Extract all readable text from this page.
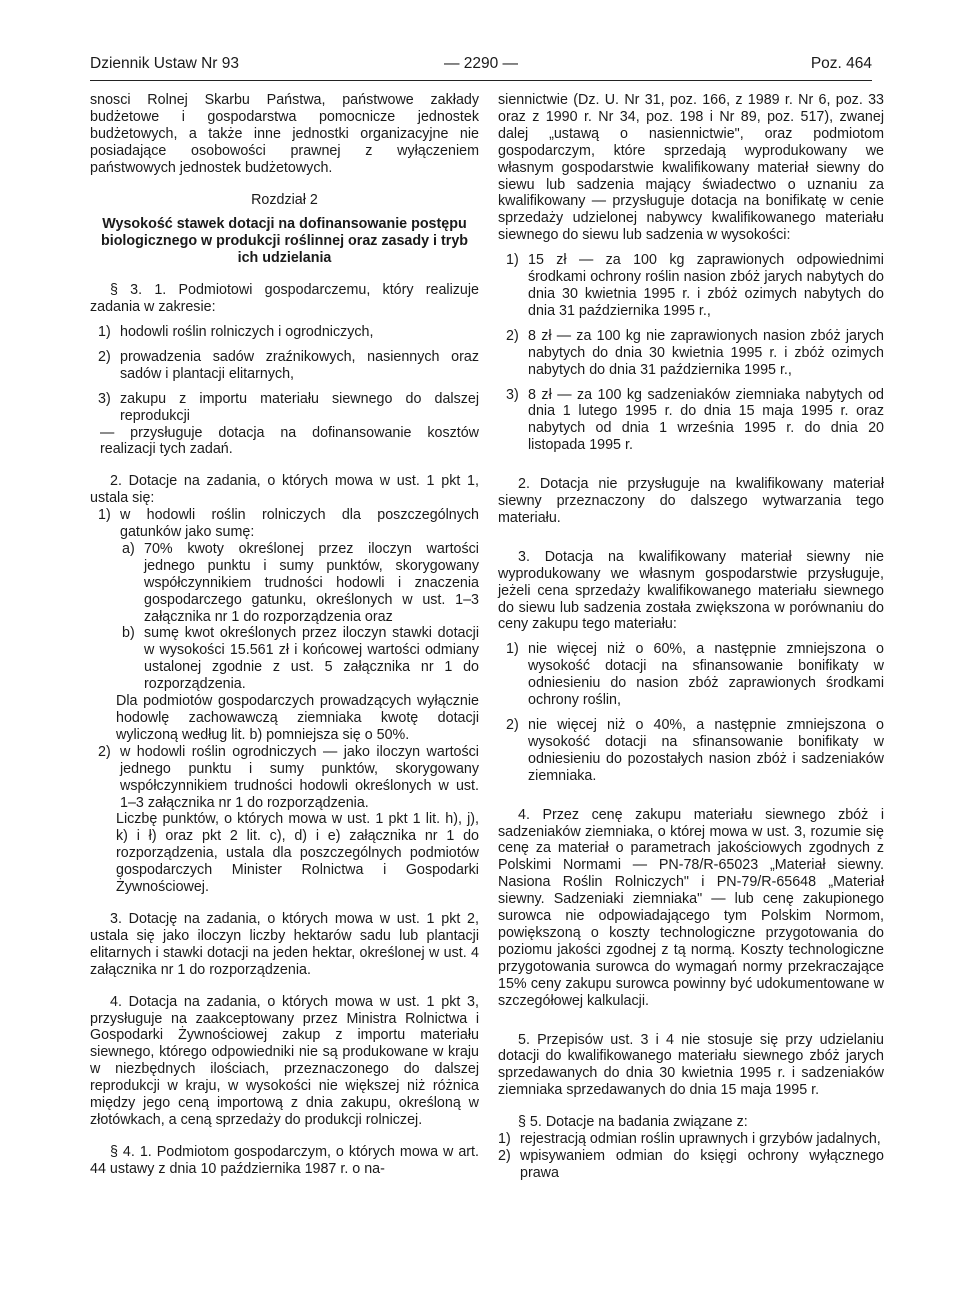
Dziennik Ustaw Nr 93	— 2290 —	Poz. 464

snosci Rolnej Skarbu Państwa, państwowe zakłady budżetowe i gospodarstwa pomocnicze jednostek budżetowych, a także inne jednostki organizacyjne nie posiadające osobowości prawnej z wyłączeniem państwowych jednostek budżetowych.

Rozdział 2

Wysokość stawek dotacji na dofinansowanie postępu biologicznego w produkcji roślinnej oraz zasady i tryb ich udzielania

§ 3. 1. Podmiotowi gospodarczemu, który realizuje zadania w zakresie:

1) hodowli roślin rolniczych i ogrodniczych,
2) prowadzenia sadów zraźnikowych, nasiennych oraz sadów i plantacji elitarnych,
3) zakupu z importu materiału siewnego do dalszej reprodukcji

— przysługuje dotacja na dofinansowanie kosztów realizacji tych zadań.

2. Dotacje na zadania, o których mowa w ust. 1 pkt 1, ustala się:

1) w hodowli roślin rolniczych dla poszczególnych gatunków jako sumę:
a) 70% kwoty określonej przez iloczyn wartości jednego punktu i sumy punktów, skorygowany współczynnikiem trudności hodowli i znaczenia gospodarczego gatunku, określonych w ust. 1–3 załącznika nr 1 do rozporządzenia oraz
b) sumę kwot określonych przez iloczyn stawki dotacji w wysokości 15.561 zł i końcowej wartości odmiany ustalonej zgodnie z ust. 5 załącznika nr 1 do rozporządzenia.

Dla podmiotów gospodarczych prowadzących wyłącznie hodowlę zachowawczą ziemniaka kwotę dotacji wyliczoną według lit. b) pomniejsza się o 50%.

2) w hodowli roślin ogrodniczych — jako iloczyn wartości jednego punktu i sumy punktów, skorygowany współczynnikiem trudności hodowli określonych w ust. 1–3 załącznika nr 1 do rozporządzenia.

Liczbę punktów, o których mowa w ust. 1 pkt 1 lit. h), j), k) i ł) oraz pkt 2 lit. c), d) i e) załącznika nr 1 do rozporządzenia, ustala dla poszczególnych podmiotów gospodarczych Minister Rolnictwa i Gospodarki Żywnościowej.

3. Dotację na zadania, o których mowa w ust. 1 pkt 2, ustala się jako iloczyn liczby hektarów sadu lub plantacji elitarnych i stawki dotacji na jeden hektar, określonej w ust. 4 załącznika nr 1 do rozporządzenia.

4. Dotacja na zadania, o których mowa w ust. 1 pkt 3, przysługuje na zaakceptowany przez Ministra Rolnictwa i Gospodarki Żywnościowej zakup z importu materiału siewnego, którego odpowiedniki nie są produkowane w kraju w niezbędnych ilościach, przeznaczonego do dalszej reprodukcji w kraju, w wysokości nie większej niż różnica między jego ceną importową z dnia zakupu, określoną w złotówkach, a ceną sprzedaży do produkcji rolniczej.

§ 4. 1. Podmiotom gospodarczym, o których mowa w art. 44 ustawy z dnia 10 października 1987 r. o na-

siennictwie (Dz. U. Nr 31, poz. 166, z 1989 r. Nr 6, poz. 33 oraz z 1990 r. Nr 34, poz. 198 i Nr 89, poz. 517), zwanej dalej „ustawą o nasiennictwie", oraz podmiotom gospodarczym, które sprzedają wyprodukowany we własnym gospodarstwie kwalifikowany materiał siewny do siewu lub sadzenia mający świadectwo o uznaniu za kwalifikowany — przysługuje dotacja na bonifikatę w cenie sprzedaży udzielonej nabywcy kwalifikowanego materiału siewnego do siewu lub sadzenia w wysokości:

1) 15 zł — za 100 kg zaprawionych odpowiednimi środkami ochrony roślin nasion zbóż jarych nabytych do dnia 30 kwietnia 1995 r. i zbóż ozimych nabytych do dnia 31 października 1995 r.,
2) 8 zł — za 100 kg nie zaprawionych nasion zbóż jarych nabytych do dnia 30 kwietnia 1995 r. i zbóż ozimych nabytych do dnia 31 października 1995 r.,
3) 8 zł — za 100 kg sadzeniaków ziemniaka nabytych od dnia 1 lutego 1995 r. do dnia 15 maja 1995 r. oraz nabytych od dnia 1 września 1995 r. do dnia 20 listopada 1995 r.

2. Dotacja nie przysługuje na kwalifikowany materiał siewny przeznaczony do dalszego wytwarzania tego materiału.

3. Dotacja na kwalifikowany materiał siewny nie wyprodukowany we własnym gospodarstwie przysługuje, jeżeli cena sprzedaży kwalifikowanego materiału siewnego do siewu lub sadzenia została zwiększona w porównaniu do ceny zakupu tego materiału:

1) nie więcej niż o 60%, a następnie zmniejszona o wysokość dotacji na sfinansowanie bonifikaty w odniesieniu do nasion zbóż zaprawionych środkami ochrony roślin,
2) nie więcej niż o 40%, a następnie zmniejszona o wysokość dotacji na sfinansowanie bonifikaty w odniesieniu do pozostałych nasion zbóż i sadzeniaków ziemniaka.

4. Przez cenę zakupu materiału siewnego zbóż i sadzeniaków ziemniaka, o której mowa w ust. 3, rozumie się cenę za materiał o parametrach jakościowych zgodnych z Polskimi Normami — PN-78/R-65023 „Materiał siewny. Nasiona Roślin Rolniczych" i PN-79/R-65648 „Materiał siewny. Sadzeniaki ziemniaka" — lub cenę zakupionego surowca nie odpowiadającego tym Polskim Normom, powiększoną o koszty technologiczne przygotowania do poziomu jakości zgodnej z tą normą. Koszty technologiczne przygotowania surowca do wymagań normy przekraczające 15% ceny zakupu surowca powinny być udokumentowane w szczegółowej kalkulacji.

5. Przepisów ust. 3 i 4 nie stosuje się przy udzielaniu dotacji do kwalifikowanego materiału siewnego zbóż jarych sprzedawanych do dnia 30 kwietnia 1995 r. i sadzeniaków ziemniaka sprzedawanych do dnia 15 maja 1995 r.

§ 5. Dotacje na badania związane z:

1) rejestracją odmian roślin uprawnych i grzybów jadalnych,
2) wpisywaniem odmian do księgi ochrony wyłącznego prawa
